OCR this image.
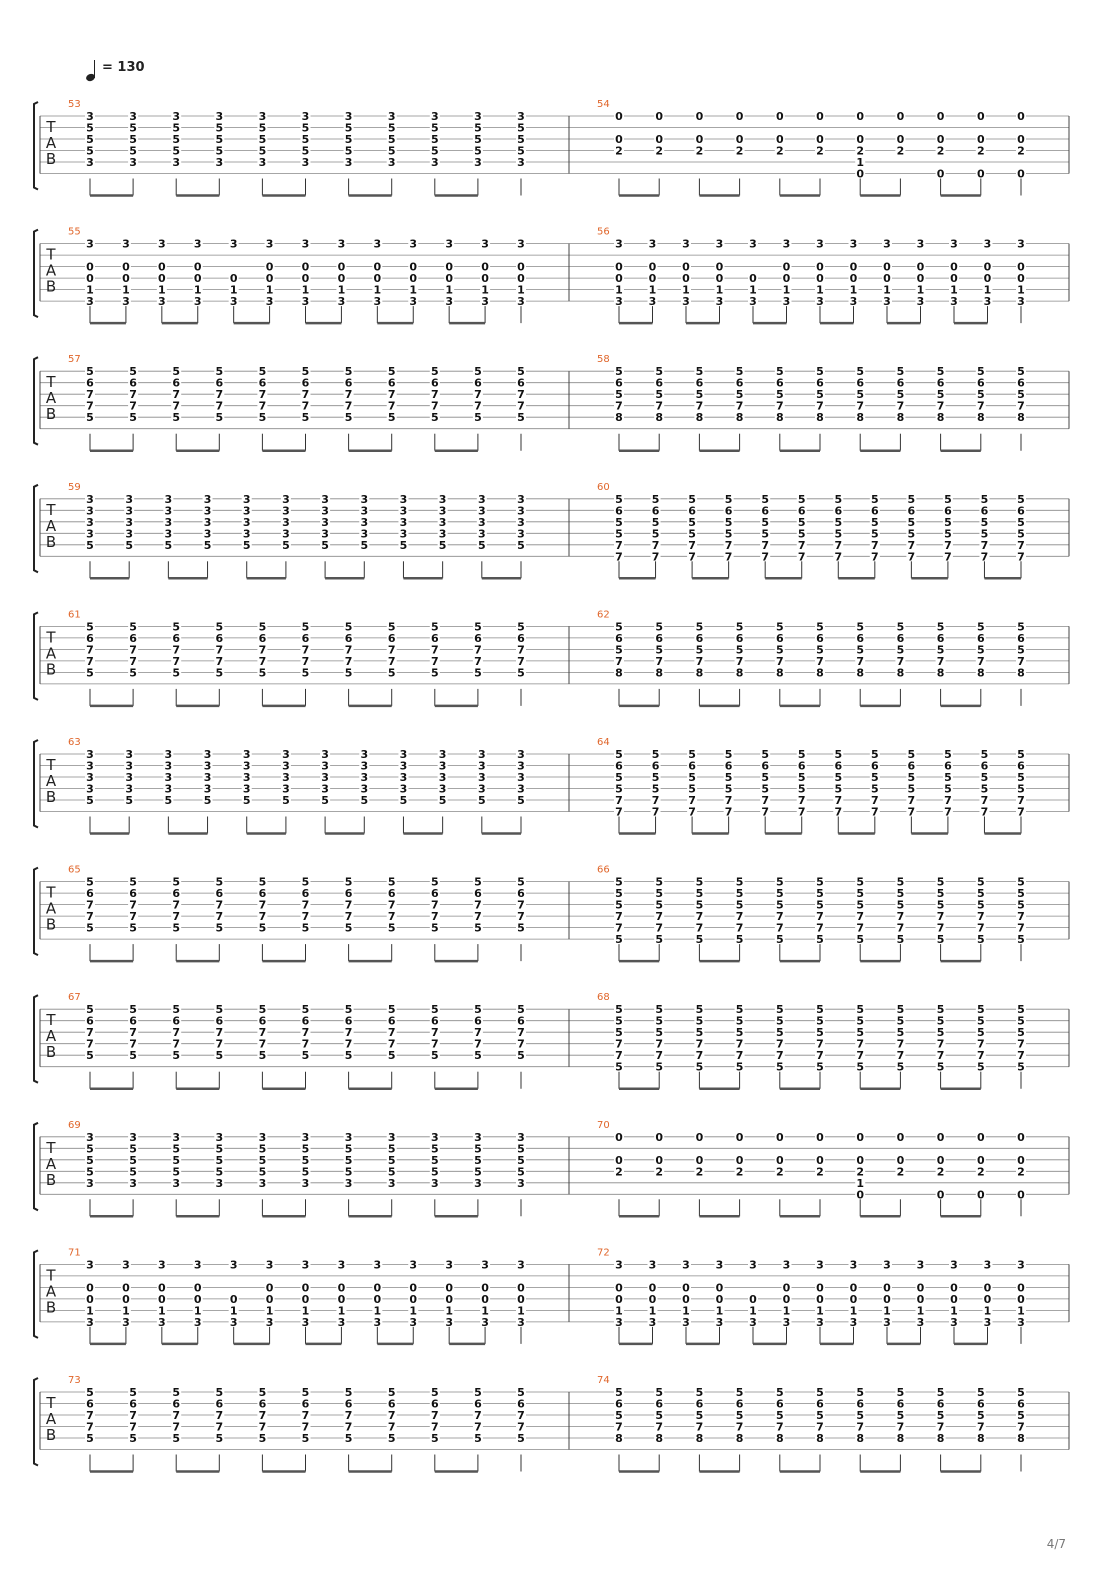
= 130
T
A
B
53
3
5
5
5
3
3
5
5
5
3
3
5
5
5
3
3
5
5
5
3
3
5
5
5
3
3
5
5
5
3
3
5
5
5
3
3
5
5
5
3
3
5
5
5
3
3
5
5
5
3
3
5
5
5
3
54
0
0
2
0
0
2
0
0
2
0
0
2
0
0
2
0
0
2
0
0
2
1
0
0
0
2
0
0
2
0
0
0
2
0
0
0
2
0
T
A
B
55
3
0
0
1
3
3
0
0
1
3
3
0
0
1
3
3
0
0
1
3
3
0
1
3
3
0
0
1
3
3
0
0
1
3
3
0
0
1
3
3
0
0
1
3
3
0
0
1
3
3
0
0
1
3
3
0
0
1
3
3
0
0
1
3
56
3
0
0
1
3
3
0
0
1
3
3
0
0
1
3
3
0
0
1
3
3
0
1
3
3
0
0
1
3
3
0
0
1
3
3
0
0
1
3
3
0
0
1
3
3
0
0
1
3
3
0
0
1
3
3
0
0
1
3
3
0
0
1
3
T
A
B
57
5
6
7
7
5
5
6
7
7
5
5
6
7
7
5
5
6
7
7
5
5
6
7
7
5
5
6
7
7
5
5
6
7
7
5
5
6
7
7
5
5
6
7
7
5
5
6
7
7
5
5
6
7
7
5
58
5
6
5
7
8
5
6
5
7
8
5
6
5
7
8
5
6
5
7
8
5
6
5
7
8
5
6
5
7
8
5
6
5
7
8
5
6
5
7
8
5
6
5
7
8
5
6
5
7
8
5
6
5
7
8
T
A
B
59
3
3
3
3
5
3
3
3
3
5
3
3
3
3
5
3
3
3
3
5
3
3
3
3
5
3
3
3
3
5
3
3
3
3
5
3
3
3
3
5
3
3
3
3
5
3
3
3
3
5
3
3
3
3
5
3
3
3
3
5
60
5
6
5
5
7
7
5
6
5
5
7
7
5
6
5
5
7
7
5
6
5
5
7
7
5
6
5
5
7
7
5
6
5
5
7
7
5
6
5
5
7
7
5
6
5
5
7
7
5
6
5
5
7
7
5
6
5
5
7
7
5
6
5
5
7
7
5
6
5
5
7
7
T
A
B
61
5
6
7
7
5
5
6
7
7
5
5
6
7
7
5
5
6
7
7
5
5
6
7
7
5
5
6
7
7
5
5
6
7
7
5
5
6
7
7
5
5
6
7
7
5
5
6
7
7
5
5
6
7
7
5
62
5
6
5
7
8
5
6
5
7
8
5
6
5
7
8
5
6
5
7
8
5
6
5
7
8
5
6
5
7
8
5
6
5
7
8
5
6
5
7
8
5
6
5
7
8
5
6
5
7
8
5
6
5
7
8
T
A
B
63
3
3
3
3
5
3
3
3
3
5
3
3
3
3
5
3
3
3
3
5
3
3
3
3
5
3
3
3
3
5
3
3
3
3
5
3
3
3
3
5
3
3
3
3
5
3
3
3
3
5
3
3
3
3
5
3
3
3
3
5
64
5
6
5
5
7
7
5
6
5
5
7
7
5
6
5
5
7
7
5
6
5
5
7
7
5
6
5
5
7
7
5
6
5
5
7
7
5
6
5
5
7
7
5
6
5
5
7
7
5
6
5
5
7
7
5
6
5
5
7
7
5
6
5
5
7
7
5
6
5
5
7
7
T
A
B
65
5
6
7
7
5
5
6
7
7
5
5
6
7
7
5
5
6
7
7
5
5
6
7
7
5
5
6
7
7
5
5
6
7
7
5
5
6
7
7
5
5
6
7
7
5
5
6
7
7
5
5
6
7
7
5
66
5
5
5
7
7
5
5
5
5
7
7
5
5
5
5
7
7
5
5
5
5
7
7
5
5
5
5
7
7
5
5
5
5
7
7
5
5
5
5
7
7
5
5
5
5
7
7
5
5
5
5
7
7
5
5
5
5
7
7
5
5
5
5
7
7
5
T
A
B
67
5
6
7
7
5
5
6
7
7
5
5
6
7
7
5
5
6
7
7
5
5
6
7
7
5
5
6
7
7
5
5
6
7
7
5
5
6
7
7
5
5
6
7
7
5
5
6
7
7
5
5
6
7
7
5
68
5
5
5
7
7
5
5
5
5
7
7
5
5
5
5
7
7
5
5
5
5
7
7
5
5
5
5
7
7
5
5
5
5
7
7
5
5
5
5
7
7
5
5
5
5
7
7
5
5
5
5
7
7
5
5
5
5
7
7
5
5
5
5
7
7
5
T
A
B
69
3
5
5
5
3
3
5
5
5
3
3
5
5
5
3
3
5
5
5
3
3
5
5
5
3
3
5
5
5
3
3
5
5
5
3
3
5
5
5
3
3
5
5
5
3
3
5
5
5
3
3
5
5
5
3
70
0
0
2
0
0
2
0
0
2
0
0
2
0
0
2
0
0
2
0
0
2
1
0
0
0
2
0
0
2
0
0
0
2
0
0
0
2
0
T
A
B
71
3
0
0
1
3
3
0
0
1
3
3
0
0
1
3
3
0
0
1
3
3
0
1
3
3
0
0
1
3
3
0
0
1
3
3
0
0
1
3
3
0
0
1
3
3
0
0
1
3
3
0
0
1
3
3
0
0
1
3
3
0
0
1
3
72
3
0
0
1
3
3
0
0
1
3
3
0
0
1
3
3
0
0
1
3
3
0
1
3
3
0
0
1
3
3
0
0
1
3
3
0
0
1
3
3
0
0
1
3
3
0
0
1
3
3
0
0
1
3
3
0
0
1
3
3
0
0
1
3
T
A
B
73
5
6
7
7
5
5
6
7
7
5
5
6
7
7
5
5
6
7
7
5
5
6
7
7
5
5
6
7
7
5
5
6
7
7
5
5
6
7
7
5
5
6
7
7
5
5
6
7
7
5
5
6
7
7
5
74
5
6
5
7
8
5
6
5
7
8
5
6
5
7
8
5
6
5
7
8
5
6
5
7
8
5
6
5
7
8
5
6
5
7
8
5
6
5
7
8
5
6
5
7
8
5
6
5
7
8
5
6
5
7
8
4/7
